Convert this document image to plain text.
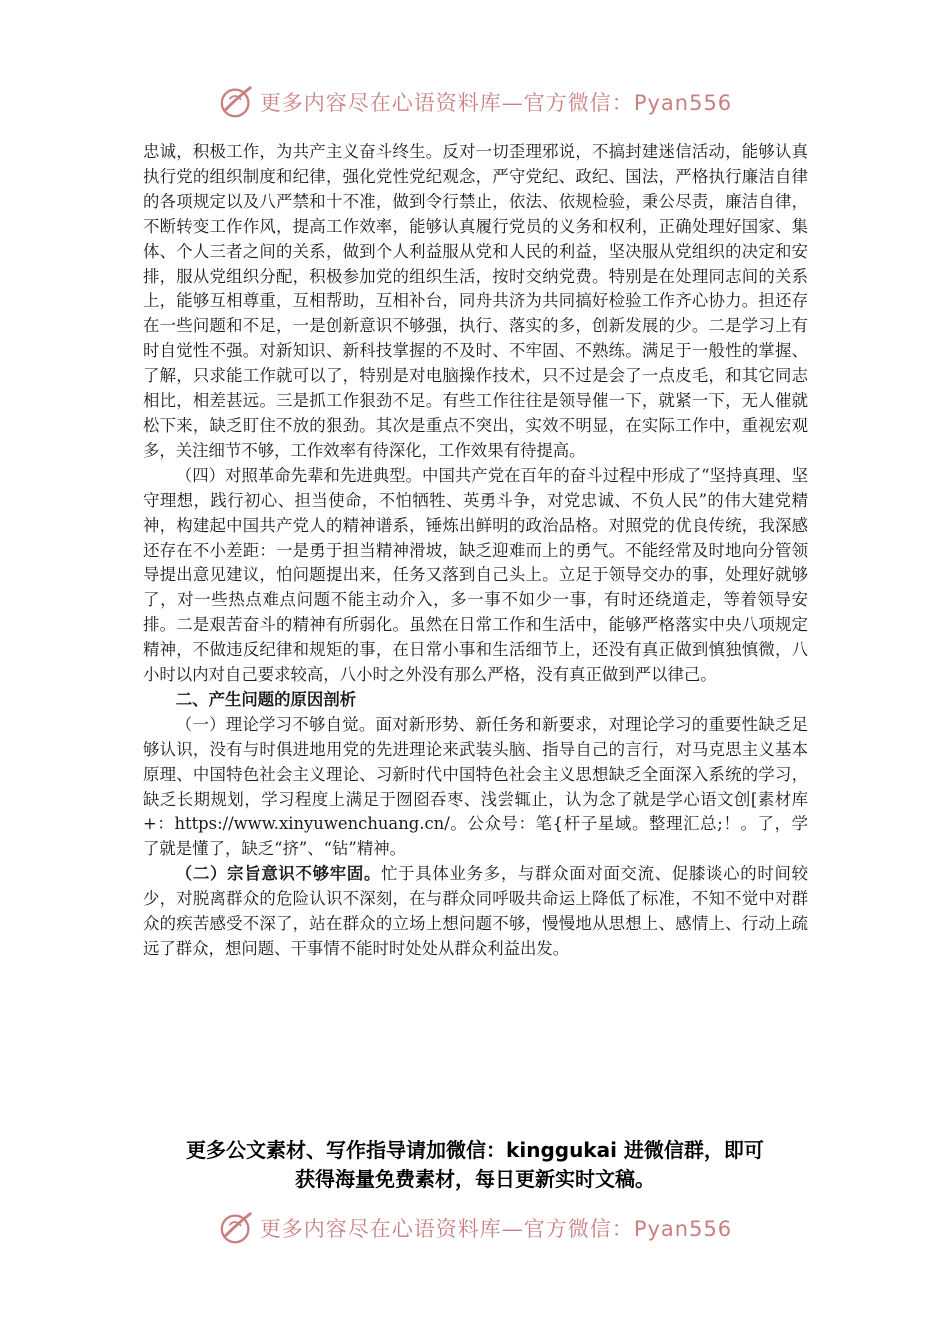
更多内容尽在心语资料库—官方微信：Pyan556

忠诚，积极工作，为共产主义奋斗终生。反对一切歪理邪说，不搞封建迷信活动，能够认真执行党的组织制度和纪律，强化党性党纪观念，严守党纪、政纪、国法，严格执行廉洁自律的各项规定以及八严禁和十不准，做到令行禁止，依法、依规检验，秉公尽责，廉洁自律，不断转变工作作风，提高工作效率，能够认真履行党员的义务和权利，正确处理好国家、集体、个人三者之间的关系，做到个人利益服从党和人民的利益，坚决服从党组织的决定和安排，服从党组织分配，积极参加党的组织生活，按时交纳党费。特别是在处理同志间的关系上，能够互相尊重，互相帮助，互相补台，同舟共济为共同搞好检验工作齐心协力。担还存在一些问题和不足，一是创新意识不够强，执行、落实的多，创新发展的少。二是学习上有时自觉性不强。对新知识、新科技掌握的不及时、不牢固、不熟练。满足于一般性的掌握、了解，只求能工作就可以了，特别是对电脑操作技术，只不过是会了一点皮毛，和其它同志相比，相差甚远。三是抓工作狠劲不足。有些工作往往是领导催一下，就紧一下，无人催就松下来，缺乏盯住不放的狠劲。其次是重点不突出，实效不明显，在实际工作中，重视宏观多，关注细节不够，工作效率有待深化，工作效果有待提高。

（四）对照革命先辈和先进典型。中国共产党在百年的奋斗过程中形成了“坚持真理、坚守理想，践行初心、担当使命，不怕牺牲、英勇斗争，对党忠诚、不负人民”的伟大建党精神，构建起中国共产党人的精神谱系，锤炼出鲜明的政治品格。对照党的优良传统，我深感还存在不小差距：一是勇于担当精神滑坡，缺乏迎难而上的勇气。不能经常及时地向分管领导提出意见建议，怕问题提出来，任务又落到自己头上。立足于领导交办的事，处理好就够了，对一些热点难点问题不能主动介入，多一事不如少一事，有时还绕道走，等着领导安排。二是艰苦奋斗的精神有所弱化。虽然在日常工作和生活中，能够严格落实中央八项规定精神，不做违反纪律和规矩的事，在日常小事和生活细节上，还没有真正做到慎独慎微，八小时以内对自己要求较高，八小时之外没有那么严格，没有真正做到严以律己。

二、产生问题的原因剖析

（一）理论学习不够自觉。面对新形势、新任务和新要求，对理论学习的重要性缺乏足够认识，没有与时俱进地用党的先进理论来武装头脑、指导自己的言行，对马克思主义基本原理、中国特色社会主义理论、习新时代中国特色社会主义思想缺乏全面深入系统的学习，缺乏长期规划，学习程度上满足于囫囵吞枣、浅尝辄止，认为念了就是学心语文创[素材库+：https://www.xinyuwenchuang.cn/。公众号：笔{杆子星域。整理汇总;！。了，学了就是懂了，缺乏“挤”、“钻”精神。

（二）宗旨意识不够牢固。忙于具体业务多，与群众面对面交流、促膝谈心的时间较少，对脱离群众的危险认识不深刻，在与群众同呼吸共命运上降低了标准，不知不觉中对群众的疾苦感受不深了，站在群众的立场上想问题不够，慢慢地从思想上、感情上、行动上疏远了群众，想问题、干事情不能时时处处从群众利益出发。

更多公文素材、写作指导请加微信：kinggukai 进微信群，即可
获得海量免费素材，每日更新实时文稿。
更多内容尽在心语资料库—官方微信：Pyan556
